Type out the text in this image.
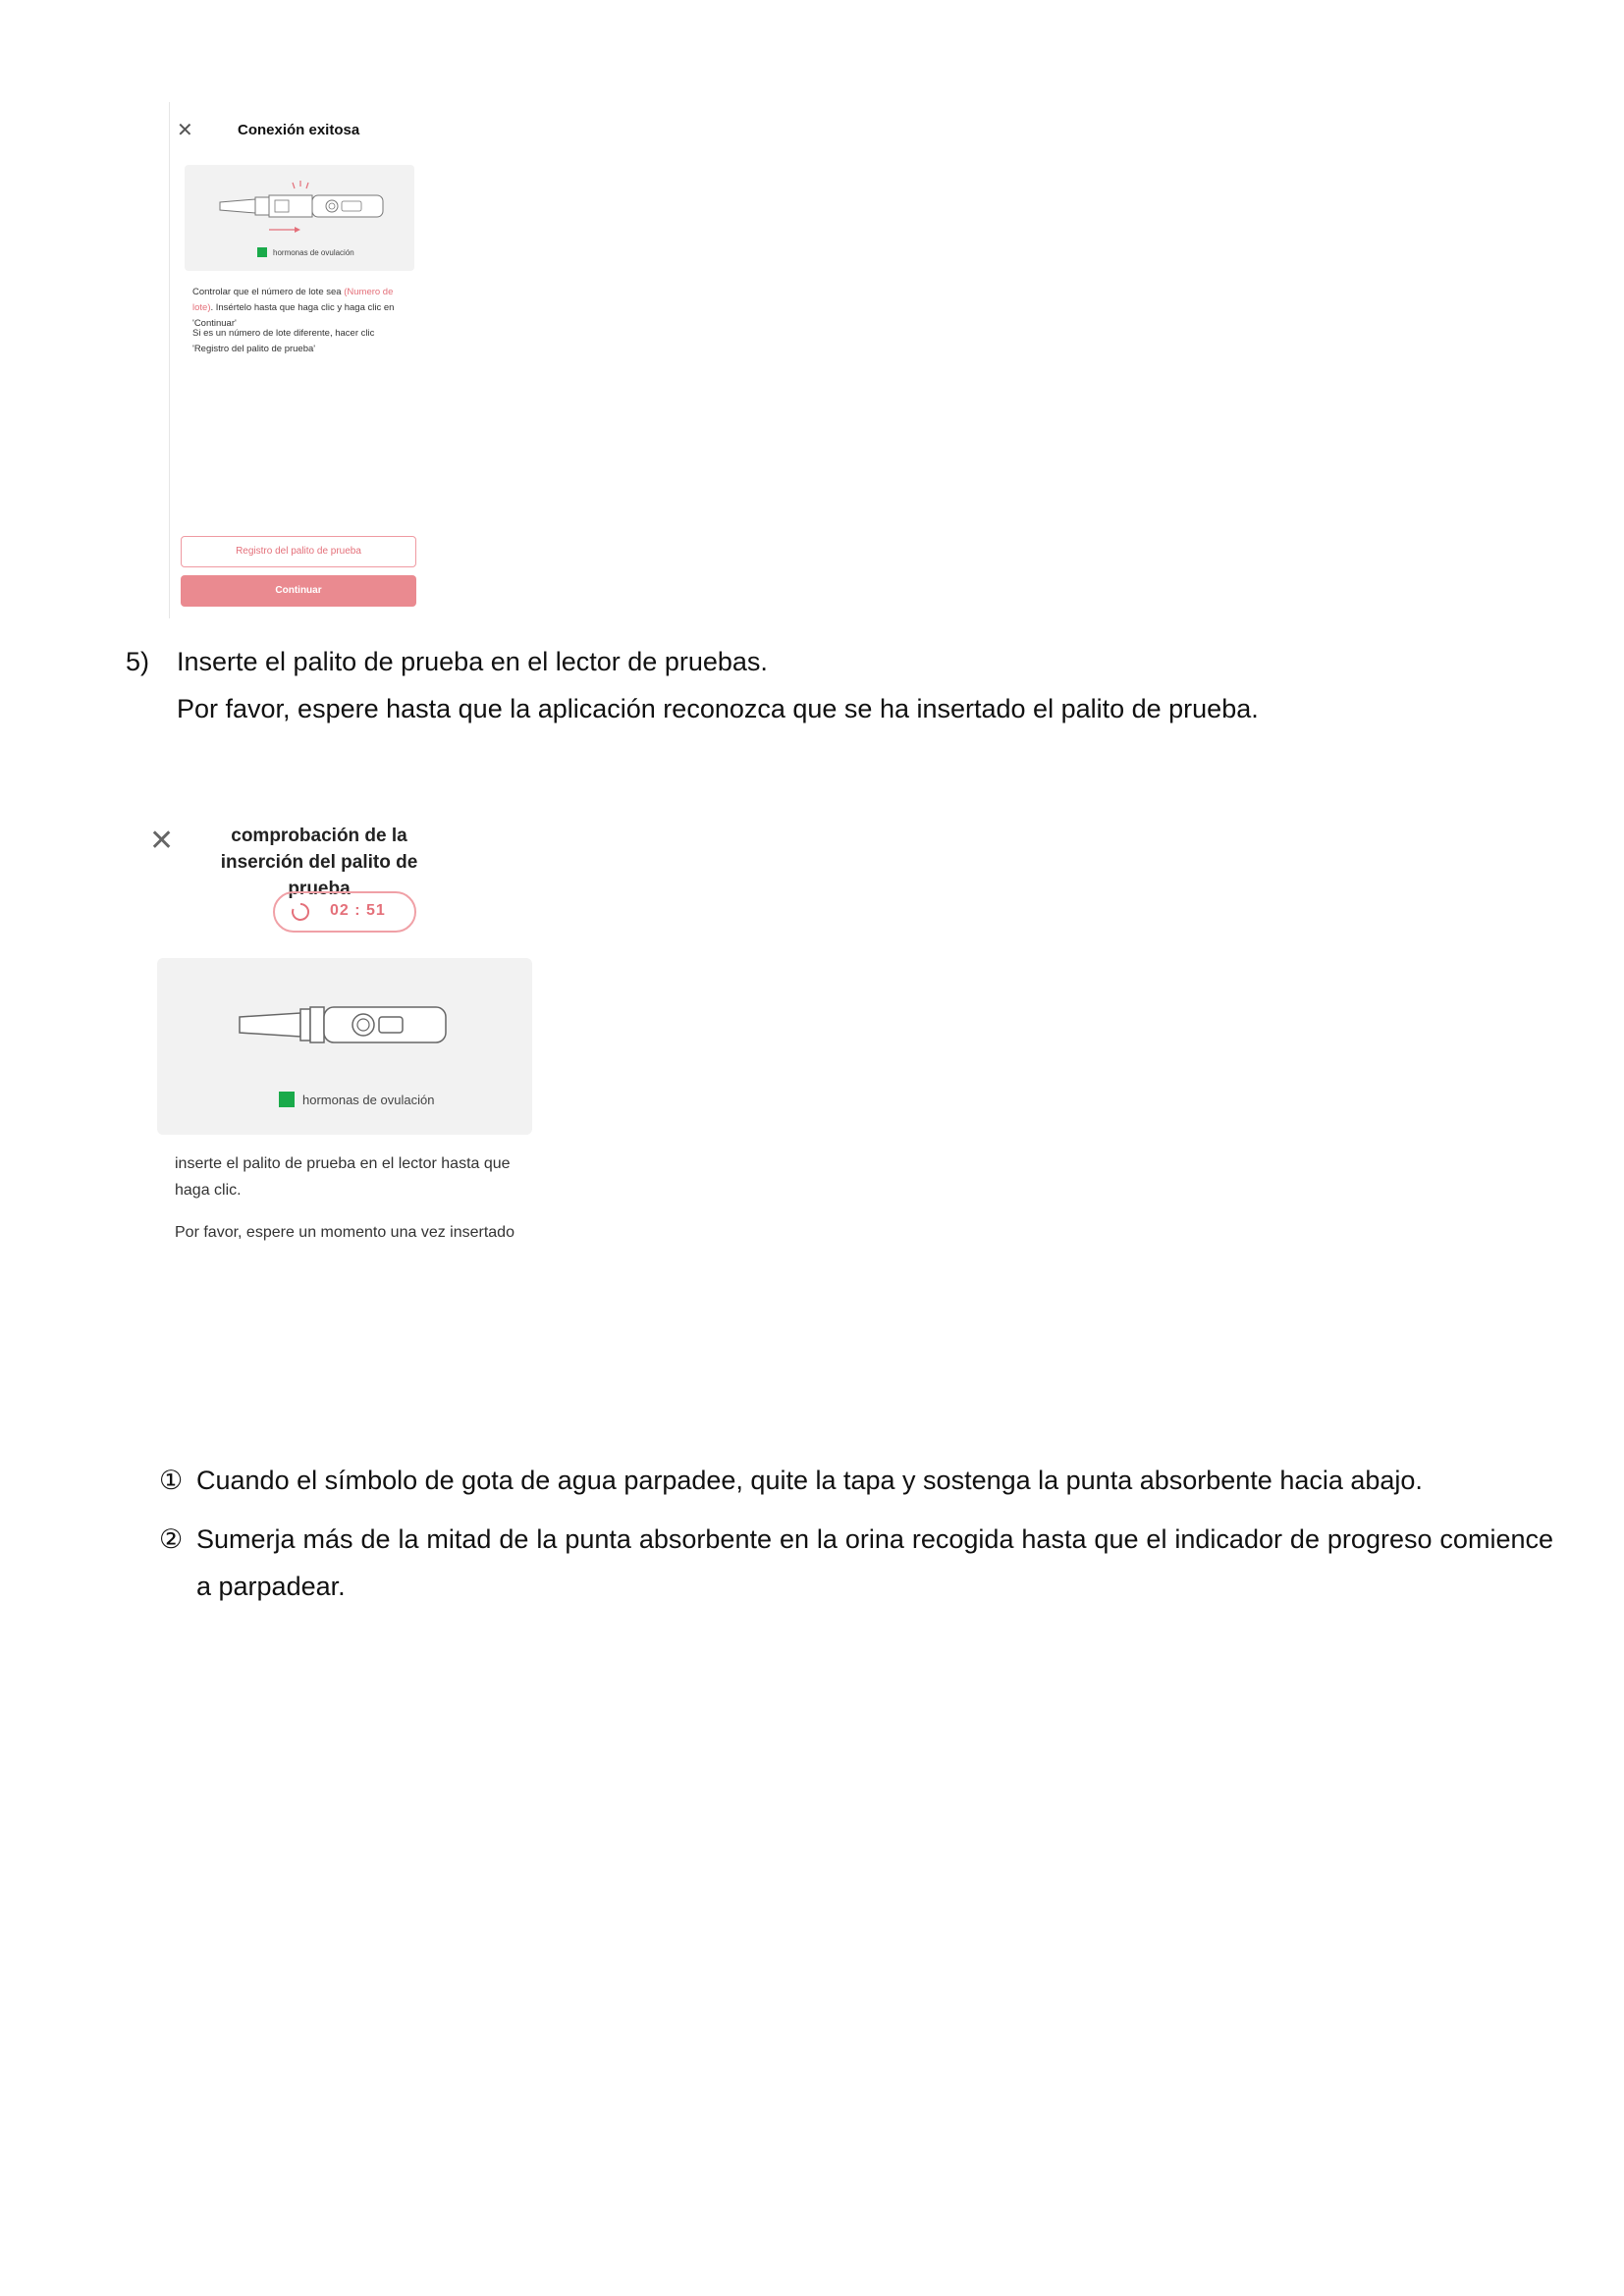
✕	Conexión exitosa
hormonas de ovulación
Controlar que el número de lote sea (Numero de lote). Insértelo hasta que haga clic y haga clic en 'Continuar'
Si es un número de lote diferente, hacer clic 'Registro del palito de prueba'
Registro del palito de prueba
Continuar
5) Inserte el palito de prueba en el lector de pruebas.
Por favor, espere hasta que la aplicación reconozca que se ha insertado el palito de prueba.
✕	comprobación de la inserción del palito de prueba
02 : 51
hormonas de ovulación
inserte el palito de prueba en el lector hasta que haga clic.
Por favor, espere un momento una vez insertado
① Cuando el símbolo de gota de agua parpadee, quite la tapa y sostenga la punta absorbente hacia abajo.
② Sumerja más de la mitad de la punta absorbente en la orina recogida hasta que el indicador de progreso comience a parpadear.
